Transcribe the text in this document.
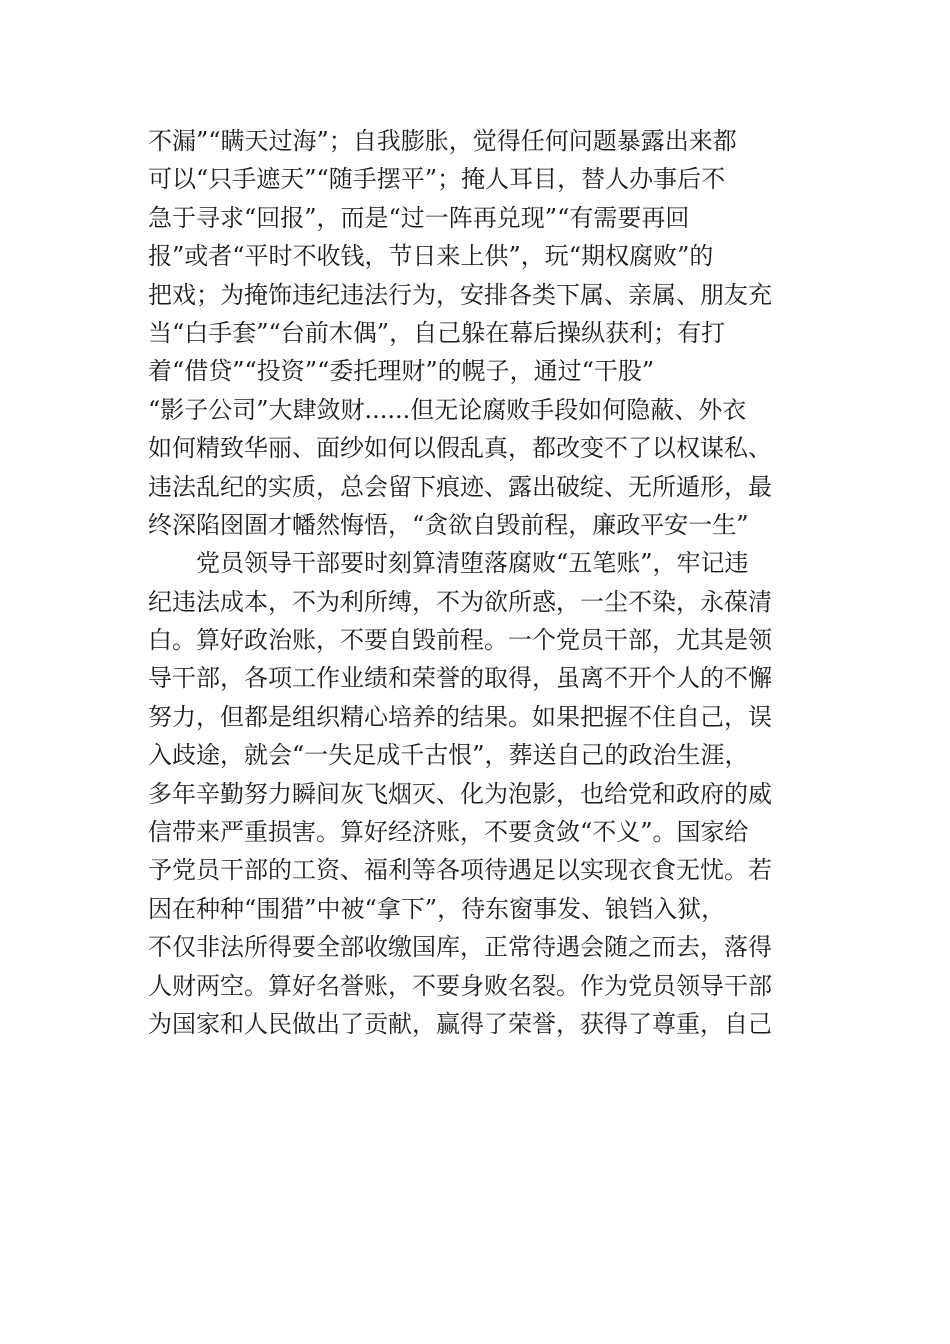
不漏”“瞒天过海”；自我膨胀，觉得任何问题暴露出来都
可以“只手遮天”“随手摆平”；掩人耳目，替人办事后不
急于寻求“回报”，而是“过一阵再兑现”“有需要再回
报”或者“平时不收钱，节日来上供”，玩“期权腐败”的
把戏；为掩饰违纪违法行为，安排各类下属、亲属、朋友充
当“白手套”“台前木偶”，自己躲在幕后操纵获利；有打
着“借贷”“投资”“委托理财”的幌子，通过“干股”
“影子公司”大肆敛财......但无论腐败手段如何隐蔽、外衣
如何精致华丽、面纱如何以假乱真，都改变不了以权谋私、
违法乱纪的实质，总会留下痕迹、露出破绽、无所遁形，最
终深陷囹圄才幡然悔悟，“贪欲自毁前程，廉政平安一生”
党员领导干部要时刻算清堕落腐败“五笔账”，牢记违
纪违法成本，不为利所缚，不为欲所惑，一尘不染，永葆清
白。算好政治账，不要自毁前程。一个党员干部，尤其是领
导干部，各项工作业绩和荣誉的取得，虽离不开个人的不懈
努力，但都是组织精心培养的结果。如果把握不住自己，误
入歧途，就会“一失足成千古恨”，葬送自己的政治生涯，
多年辛勤努力瞬间灰飞烟灭、化为泡影，也给党和政府的威
信带来严重损害。算好经济账，不要贪敛“不义”。国家给
予党员干部的工资、福利等各项待遇足以实现衣食无忧。若
因在种种“围猎”中被“拿下”，待东窗事发、锒铛入狱，
不仅非法所得要全部收缴国库，正常待遇会随之而去，落得
人财两空。算好名誉账，不要身败名裂。作为党员领导干部
为国家和人民做出了贡献，赢得了荣誉，获得了尊重，自己
